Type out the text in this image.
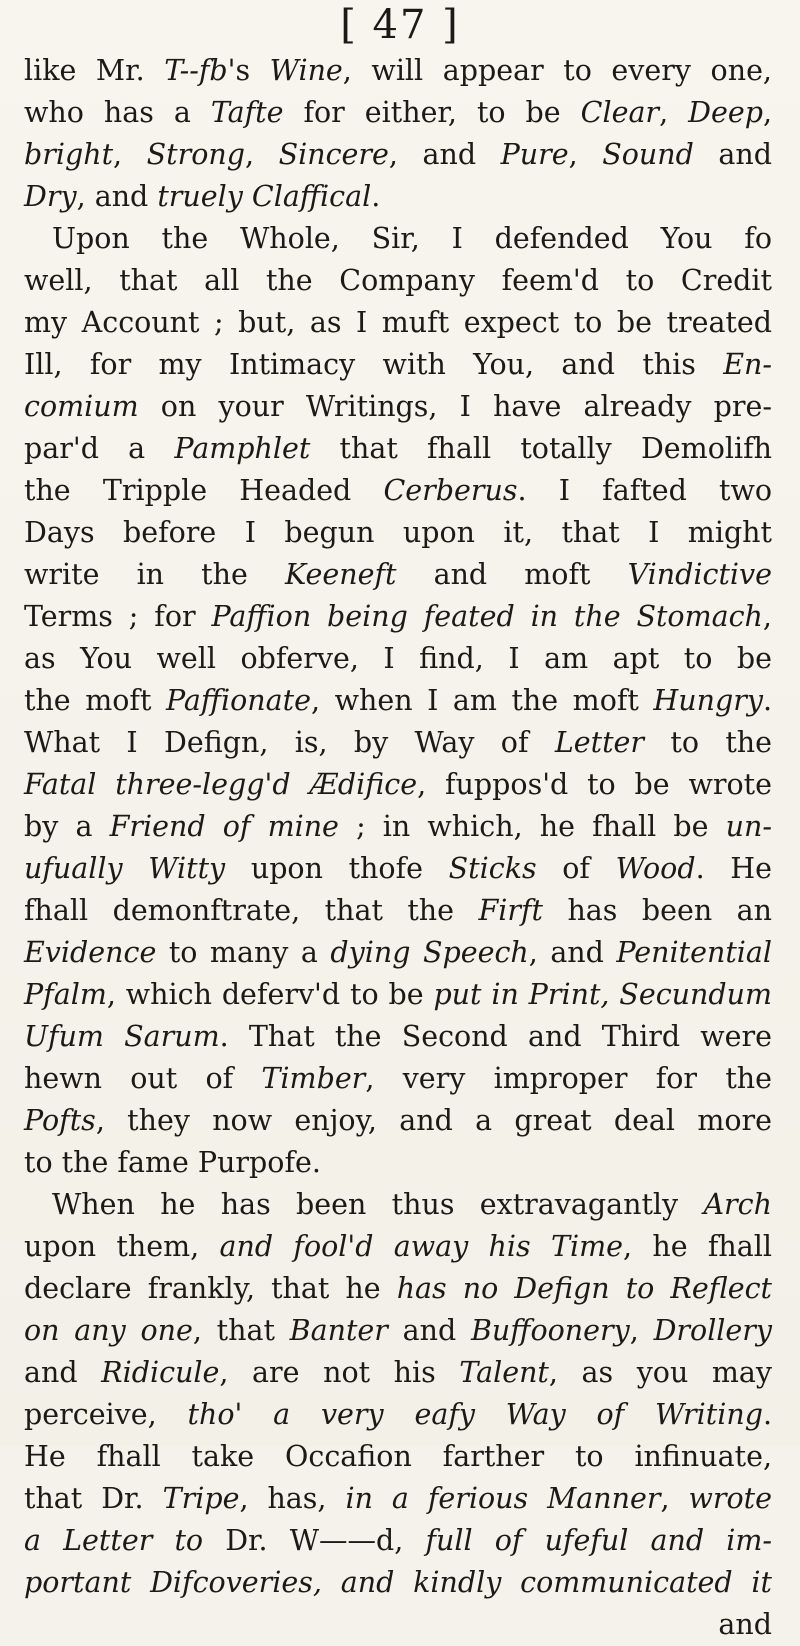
[ 47 ]
like Mr. T--fb's Wine, will appear to every one,
who has a Tafte for either, to be Clear, Deep,
bright, Strong, Sincere, and Pure, Sound and
Dry, and truely Claffical.
Upon the Whole, Sir, I defended You fo
well, that all the Company feem'd to Credit
my Account ; but, as I muft expect to be treated
Ill, for my Intimacy with You, and this En-
comium on your Writings, I have already pre-
par'd a Pamphlet that fhall totally Demolifh
the Tripple Headed Cerberus. I fafted two
Days before I begun upon it, that I might
write in the Keeneft and moft Vindictive
Terms ; for Paffion being feated in the Stomach,
as You well obferve, I find, I am apt to be
the moft Paffionate, when I am the moft Hungry.
What I Defign, is, by Way of Letter to the
Fatal three-legg'd Ædifice, fuppos'd to be wrote
by a Friend of mine ; in which, he fhall be un-
ufually Witty upon thofe Sticks of Wood. He
fhall demonftrate, that the Firft has been an
Evidence to many a dying Speech, and Penitential
Pfalm, which deferv'd to be put in Print, Secundum
Ufum Sarum. That the Second and Third were
hewn out of Timber, very improper for the
Pofts, they now enjoy, and a great deal more
to the fame Purpofe.
When he has been thus extravagantly Arch
upon them, and fool'd away his Time, he fhall
declare frankly, that he has no Defign to Reflect
on any one, that Banter and Buffoonery, Drollery
and Ridicule, are not his Talent, as you may
perceive, tho' a very eafy Way of Writing.
He fhall take Occafion farther to infinuate,
that Dr. Tripe, has, in a ferious Manner, wrote
a Letter to Dr. W——d, full of ufeful and im-
portant Difcoveries, and kindly communicated it
and
